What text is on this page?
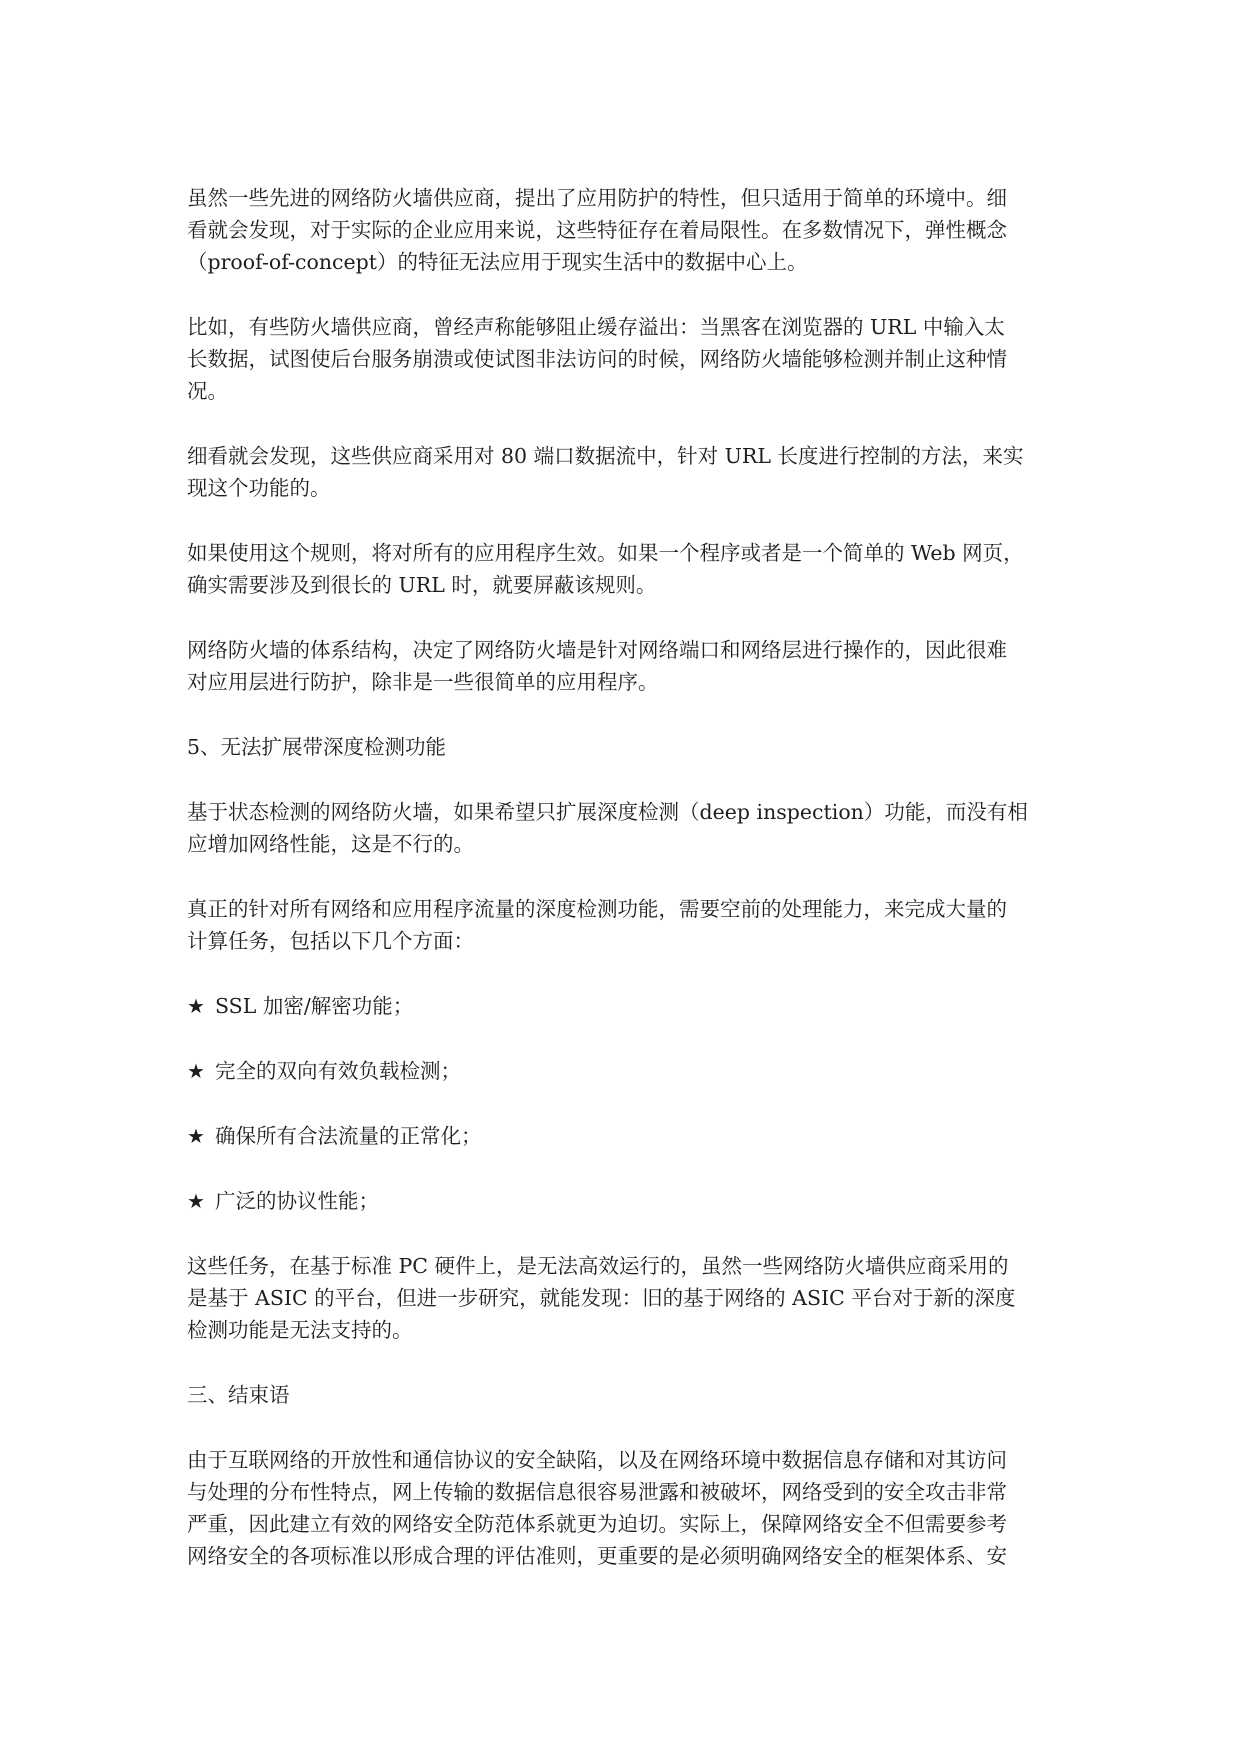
虽然一些先进的网络防火墙供应商，提出了应用防护的特性，但只适用于简单的环境中。细
看就会发现，对于实际的企业应用来说，这些特征存在着局限性。在多数情况下，弹性概念
（proof-of-concept）的特征无法应用于现实生活中的数据中心上。

比如，有些防火墙供应商，曾经声称能够阻止缓存溢出：当黑客在浏览器的 URL 中输入太
长数据，试图使后台服务崩溃或使试图非法访问的时候，网络防火墙能够检测并制止这种情
况。

细看就会发现，这些供应商采用对 80 端口数据流中，针对 URL 长度进行控制的方法，来实
现这个功能的。

如果使用这个规则，将对所有的应用程序生效。如果一个程序或者是一个简单的 Web 网页，
确实需要涉及到很长的 URL 时，就要屏蔽该规则。

网络防火墙的体系结构，决定了网络防火墙是针对网络端口和网络层进行操作的，因此很难
对应用层进行防护，除非是一些很简单的应用程序。

5、无法扩展带深度检测功能

基于状态检测的网络防火墙，如果希望只扩展深度检测（deep inspection）功能，而没有相
应增加网络性能，这是不行的。

真正的针对所有网络和应用程序流量的深度检测功能，需要空前的处理能力，来完成大量的
计算任务，包括以下几个方面：

★ SSL 加密/解密功能；

★ 完全的双向有效负载检测；

★ 确保所有合法流量的正常化；

★ 广泛的协议性能；

这些任务，在基于标准 PC 硬件上，是无法高效运行的，虽然一些网络防火墙供应商采用的
是基于 ASIC 的平台，但进一步研究，就能发现：旧的基于网络的 ASIC 平台对于新的深度
检测功能是无法支持的。

三、结束语

由于互联网络的开放性和通信协议的安全缺陷，以及在网络环境中数据信息存储和对其访问
与处理的分布性特点，网上传输的数据信息很容易泄露和被破坏，网络受到的安全攻击非常
严重，因此建立有效的网络安全防范体系就更为迫切。实际上，保障网络安全不但需要参考
网络安全的各项标准以形成合理的评估准则，更重要的是必须明确网络安全的框架体系、安
